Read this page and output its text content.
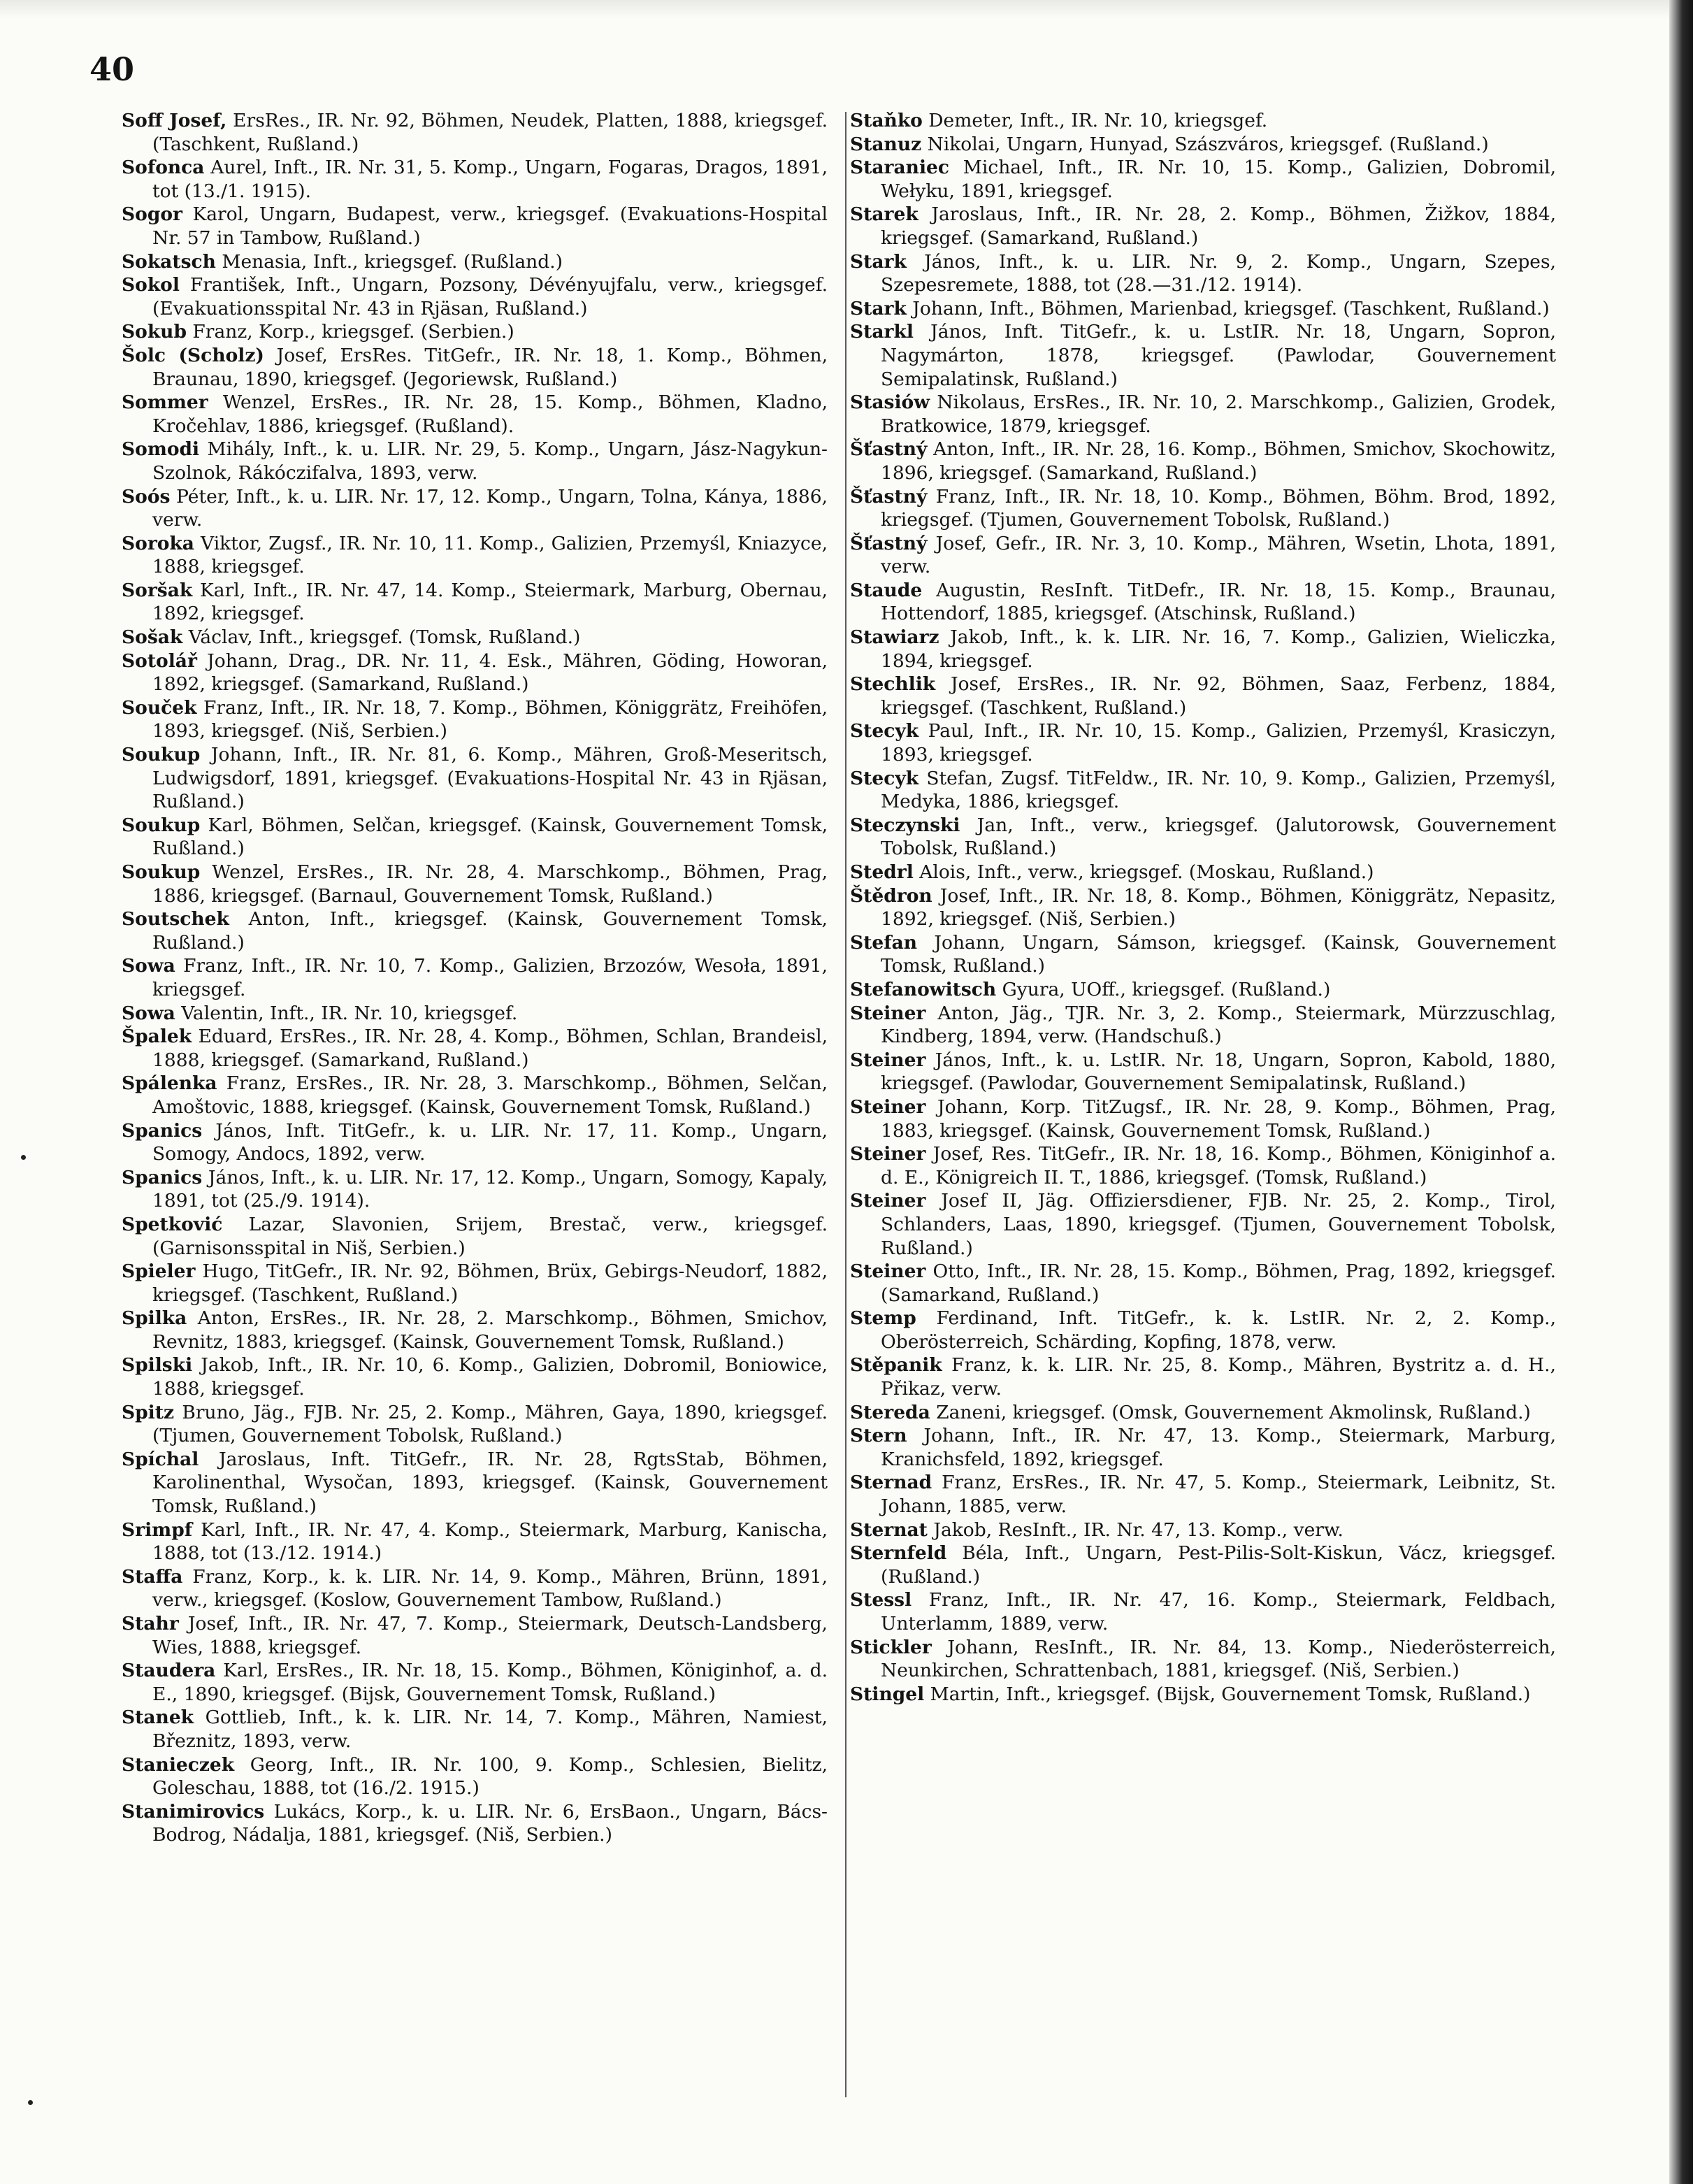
40

Soff Josef, ErsRes., IR. Nr. 92, Böhmen, Neudek, Platten, 1888, kriegsgef. (Taschkent, Rußland.)

Sofonca Aurel, Inft., IR. Nr. 31, 5. Komp., Ungarn, Fogaras, Dragos, 1891, tot (13./1. 1915).

Sogor Karol, Ungarn, Budapest, verw., kriegsgef. (Evakuations-Hospital Nr. 57 in Tambow, Rußland.)

Sokatsch Menasia, Inft., kriegsgef. (Rußland.)

Sokol František, Inft., Ungarn, Pozsony, Dévényujfalu, verw., kriegsgef. (Evakuationsspital Nr. 43 in Rjäsan, Rußland.)

Sokub Franz, Korp., kriegsgef. (Serbien.)

Šolc (Scholz) Josef, ErsRes. TitGefr., IR. Nr. 18, 1. Komp., Böhmen, Braunau, 1890, kriegsgef. (Jegoriewsk, Rußland.)

Sommer Wenzel, ErsRes., IR. Nr. 28, 15. Komp., Böhmen, Kladno, Kročehlav, 1886, kriegsgef. (Rußland).

Somodi Mihály, Inft., k. u. LIR. Nr. 29, 5. Komp., Ungarn, Jász-Nagykun-Szolnok, Rákóczifalva, 1893, verw.

Soós Péter, Inft., k. u. LIR. Nr. 17, 12. Komp., Ungarn, Tolna, Kánya, 1886, verw.

Soroka Viktor, Zugsf., IR. Nr. 10, 11. Komp., Galizien, Przemyśl, Kniazyce, 1888, kriegsgef.

Soršak Karl, Inft., IR. Nr. 47, 14. Komp., Steiermark, Marburg, Obernau, 1892, kriegsgef.

Sošak Václav, Inft., kriegsgef. (Tomsk, Rußland.)

Sotolář Johann, Drag., DR. Nr. 11, 4. Esk., Mähren, Göding, Howoran, 1892, kriegsgef. (Samarkand, Rußland.)

Souček Franz, Inft., IR. Nr. 18, 7. Komp., Böhmen, Königgrätz, Freihöfen, 1893, kriegsgef. (Niš, Serbien.)

Soukup Johann, Inft., IR. Nr. 81, 6. Komp., Mähren, Groß-Meseritsch, Ludwigsdorf, 1891, kriegsgef. (Evakuations-Hospital Nr. 43 in Rjäsan, Rußland.)

Soukup Karl, Böhmen, Selčan, kriegsgef. (Kainsk, Gouvernement Tomsk, Rußland.)

Soukup Wenzel, ErsRes., IR. Nr. 28, 4. Marschkomp., Böhmen, Prag, 1886, kriegsgef. (Barnaul, Gouvernement Tomsk, Rußland.)

Soutschek Anton, Inft., kriegsgef. (Kainsk, Gouvernement Tomsk, Rußland.)

Sowa Franz, Inft., IR. Nr. 10, 7. Komp., Galizien, Brzozów, Wesoła, 1891, kriegsgef.

Sowa Valentin, Inft., IR. Nr. 10, kriegsgef.

Špalek Eduard, ErsRes., IR. Nr. 28, 4. Komp., Böhmen, Schlan, Brandeisl, 1888, kriegsgef. (Samarkand, Rußland.)

Spálenka Franz, ErsRes., IR. Nr. 28, 3. Marschkomp., Böhmen, Selčan, Amoštovic, 1888, kriegsgef. (Kainsk, Gouvernement Tomsk, Rußland.)

Spanics János, Inft. TitGefr., k. u. LIR. Nr. 17, 11. Komp., Ungarn, Somogy, Andocs, 1892, verw.

Spanics János, Inft., k. u. LIR. Nr. 17, 12. Komp., Ungarn, Somogy, Kapaly, 1891, tot (25./9. 1914).

Spetković Lazar, Slavonien, Srijem, Brestač, verw., kriegsgef. (Garnisonsspital in Niš, Serbien.)

Spieler Hugo, TitGefr., IR. Nr. 92, Böhmen, Brüx, Gebirgs-Neudorf, 1882, kriegsgef. (Taschkent, Rußland.)

Spilka Anton, ErsRes., IR. Nr. 28, 2. Marschkomp., Böhmen, Smichov, Revnitz, 1883, kriegsgef. (Kainsk, Gouvernement Tomsk, Rußland.)

Spilski Jakob, Inft., IR. Nr. 10, 6. Komp., Galizien, Dobromil, Boniowice, 1888, kriegsgef.

Spitz Bruno, Jäg., FJB. Nr. 25, 2. Komp., Mähren, Gaya, 1890, kriegsgef. (Tjumen, Gouvernement Tobolsk, Rußland.)

Spíchal Jaroslaus, Inft. TitGefr., IR. Nr. 28, RgtsStab, Böhmen, Karolinenthal, Wysočan, 1893, kriegsgef. (Kainsk, Gouvernement Tomsk, Rußland.)

Srimpf Karl, Inft., IR. Nr. 47, 4. Komp., Steiermark, Marburg, Kanischa, 1888, tot (13./12. 1914.)

Staffa Franz, Korp., k. k. LIR. Nr. 14, 9. Komp., Mähren, Brünn, 1891, verw., kriegsgef. (Koslow, Gouvernement Tambow, Rußland.)

Stahr Josef, Inft., IR. Nr. 47, 7. Komp., Steiermark, Deutsch-Landsberg, Wies, 1888, kriegsgef.

Staudera Karl, ErsRes., IR. Nr. 18, 15. Komp., Böhmen, Königinhof, a. d. E., 1890, kriegsgef. (Bijsk, Gouvernement Tomsk, Rußland.)

Stanek Gottlieb, Inft., k. k. LIR. Nr. 14, 7. Komp., Mähren, Namiest, Březnitz, 1893, verw.

Staniеczek Georg, Inft., IR. Nr. 100, 9. Komp., Schlesien, Bielitz, Goleschau, 1888, tot (16./2. 1915.)

Stanimirovics Lukács, Korp., k. u. LIR. Nr. 6, ErsBaon., Ungarn, Bács-Bodrog, Nádalja, 1881, kriegsgef. (Niš, Serbien.)

Staňko Demeter, Inft., IR. Nr. 10, kriegsgef.

Stanuz Nikolai, Ungarn, Hunyad, Szászváros, kriegsgef. (Rußland.)

Staraniec Michael, Inft., IR. Nr. 10, 15. Komp., Galizien, Dobromil, Wełyku, 1891, kriegsgef.

Starek Jaroslaus, Inft., IR. Nr. 28, 2. Komp., Böhmen, Žižkov, 1884, kriegsgef. (Samarkand, Rußland.)

Stark János, Inft., k. u. LIR. Nr. 9, 2. Komp., Ungarn, Szepes, Szepesremete, 1888, tot (28.—31./12. 1914).

Stark Johann, Inft., Böhmen, Marienbad, kriegsgef. (Taschkent, Rußland.)

Starkl János, Inft. TitGefr., k. u. LstIR. Nr. 18, Ungarn, Sopron, Nagymárton, 1878, kriegsgef. (Pawlodar, Gouvernement Semipalatinsk, Rußland.)

Stasiów Nikolaus, ErsRes., IR. Nr. 10, 2. Marschkomp., Galizien, Grodek, Bratkowice, 1879, kriegsgef.

Šťastný Anton, Inft., IR. Nr. 28, 16. Komp., Böhmen, Smichov, Skochowitz, 1896, kriegsgef. (Samarkand, Rußland.)

Šťastný Franz, Inft., IR. Nr. 18, 10. Komp., Böhmen, Böhm. Brod, 1892, kriegsgef. (Tjumen, Gouvernement Tobolsk, Rußland.)

Šťastný Josef, Gefr., IR. Nr. 3, 10. Komp., Mähren, Wsetin, Lhota, 1891, verw.

Staude Augustin, ResInft. TitDefr., IR. Nr. 18, 15. Komp., Braunau, Hottendorf, 1885, kriegsgef. (Atschinsk, Rußland.)

Stawiarz Jakob, Inft., k. k. LIR. Nr. 16, 7. Komp., Galizien, Wieliczka, 1894, kriegsgef.

Stechlik Josef, ErsRes., IR. Nr. 92, Böhmen, Saaz, Ferbenz, 1884, kriegsgef. (Taschkent, Rußland.)

Stecyk Paul, Inft., IR. Nr. 10, 15. Komp., Galizien, Przemyśl, Krasiczyn, 1893, kriegsgef.

Stecyk Stefan, Zugsf. TitFeldw., IR. Nr. 10, 9. Komp., Galizien, Przemyśl, Medyka, 1886, kriegsgef.

Steczynski Jan, Inft., verw., kriegsgef. (Jalutorowsk, Gouvernement Tobolsk, Rußland.)

Stedrl Alois, Inft., verw., kriegsgef. (Moskau, Rußland.)

Štědron Josef, Inft., IR. Nr. 18, 8. Komp., Böhmen, Königgrätz, Nepasitz, 1892, kriegsgef. (Niš, Serbien.)

Stefan Johann, Ungarn, Sámson, kriegsgef. (Kainsk, Gouvernement Tomsk, Rußland.)

Stefanowitsch Gyura, UOff., kriegsgef. (Rußland.)

Steiner Anton, Jäg., TJR. Nr. 3, 2. Komp., Steiermark, Mürzzuschlag, Kindberg, 1894, verw. (Handschuß.)

Steiner János, Inft., k. u. LstIR. Nr. 18, Ungarn, Sopron, Kabold, 1880, kriegsgef. (Pawlodar, Gouvernement Semipalatinsk, Rußland.)

Steiner Johann, Korp. TitZugsf., IR. Nr. 28, 9. Komp., Böhmen, Prag, 1883, kriegsgef. (Kainsk, Gouvernement Tomsk, Rußland.)

Steiner Josef, Res. TitGefr., IR. Nr. 18, 16. Komp., Böhmen, Königinhof a. d. E., Königreich II. T., 1886, kriegsgef. (Tomsk, Rußland.)

Steiner Josef II, Jäg. Offiziersdiener, FJB. Nr. 25, 2. Komp., Tirol, Schlanders, Laas, 1890, kriegsgef. (Tjumen, Gouvernement Tobolsk, Rußland.)

Steiner Otto, Inft., IR. Nr. 28, 15. Komp., Böhmen, Prag, 1892, kriegsgef. (Samarkand, Rußland.)

Stemp Ferdinand, Inft. TitGefr., k. k. LstIR. Nr. 2, 2. Komp., Oberösterreich, Schärding, Kopfing, 1878, verw.

Stěpanik Franz, k. k. LIR. Nr. 25, 8. Komp., Mähren, Bystritz a. d. H., Přikaz, verw.

Stereda Zaneni, kriegsgef. (Omsk, Gouvernement Akmolinsk, Rußland.)

Stern Johann, Inft., IR. Nr. 47, 13. Komp., Steiermark, Marburg, Kranichsfeld, 1892, kriegsgef.

Sternad Franz, ErsRes., IR. Nr. 47, 5. Komp., Steiermark, Leibnitz, St. Johann, 1885, verw.

Sternat Jakob, ResInft., IR. Nr. 47, 13. Komp., verw.

Sternfeld Béla, Inft., Ungarn, Pest-Pilis-Solt-Kiskun, Vácz, kriegsgef. (Rußland.)

Stessl Franz, Inft., IR. Nr. 47, 16. Komp., Steiermark, Feldbach, Unterlamm, 1889, verw.

Stickler Johann, ResInft., IR. Nr. 84, 13. Komp., Niederösterreich, Neunkirchen, Schrattenbach, 1881, kriegsgef. (Niš, Serbien.)

Stingel Martin, Inft., kriegsgef. (Bijsk, Gouvernement Tomsk, Rußland.)
